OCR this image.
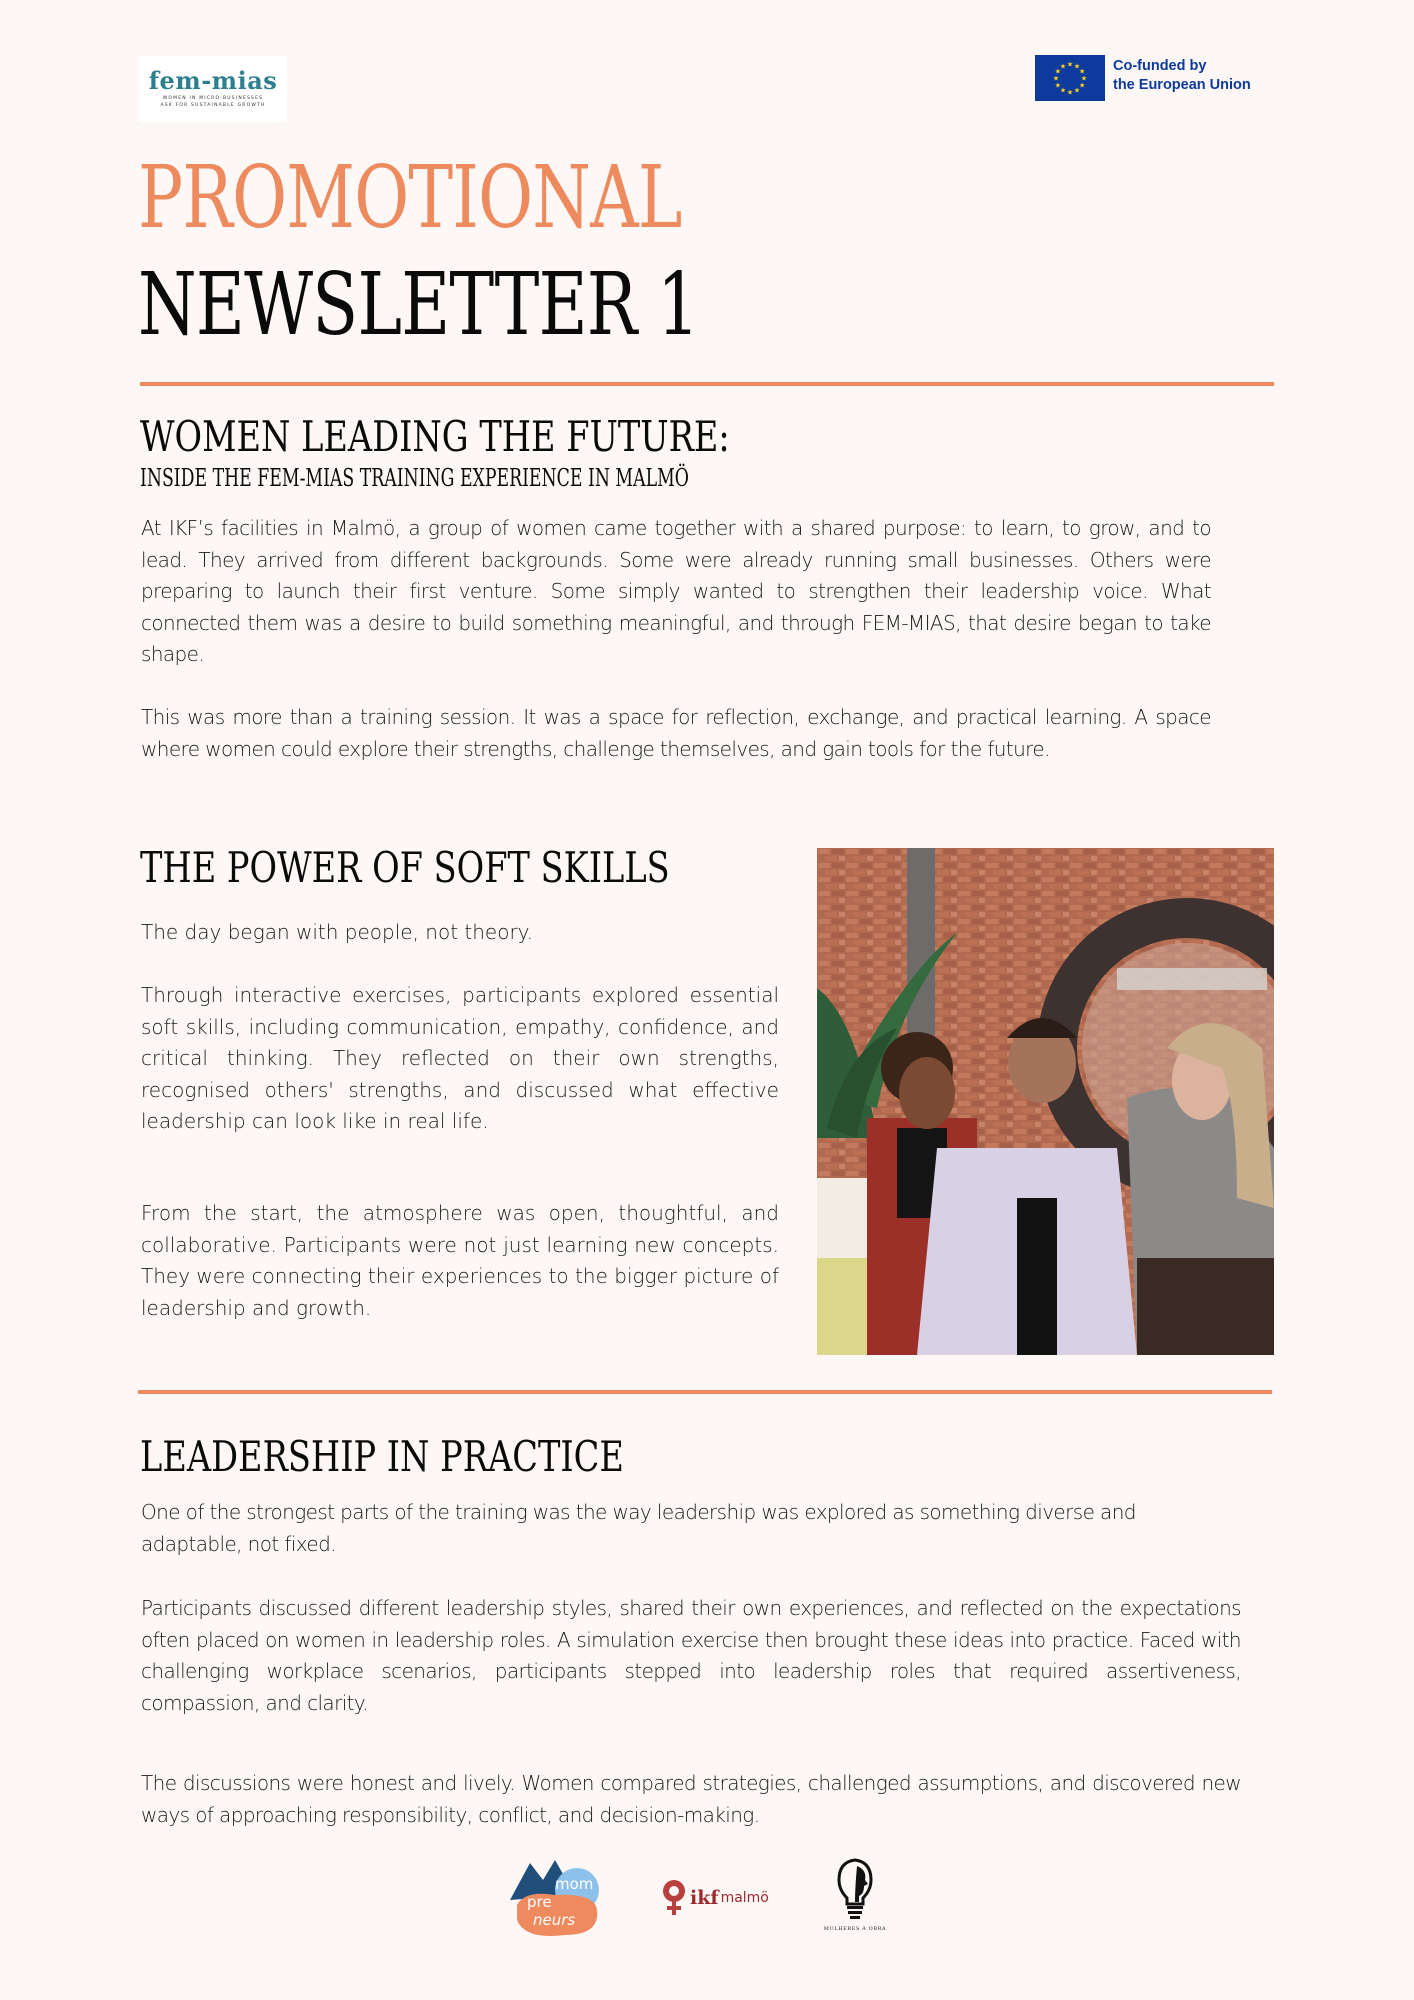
fem-mias
WOMEN IN MICRO-BUSINESSES
ASK FOR SUSTAINABLE GROWTH
★ ★
★
★
★
★
★
★
★
★
★
★	Co-funded by
the European Union
PROMOTIONAL
NEWSLETTER 1
WOMEN LEADING THE FUTURE:
INSIDE THE FEM-MIAS TRAINING EXPERIENCE IN MALMÖ
At IKF’s facilities in Malmö, a group of women came together with a shared purpose: to learn, to grow, and to lead. They arrived from different backgrounds. Some were already running small businesses. Others were preparing to launch their first venture. Some simply wanted to strengthen their leadership voice. What connected them was a desire to build something meaningful, and through FEM-MIAS, that desire began to take shape.
This was more than a training session. It was a space for reflection, exchange, and practical learning. A space where women could explore their strengths, challenge themselves, and gain tools for the future.
THE POWER OF SOFT SKILLS
The day began with people, not theory.
Through interactive exercises, participants explored essential soft skills, including communication, empathy, confidence, and critical thinking. They reflected on their own strengths, recognised others' strengths, and discussed what effective leadership can look like in real life.
From the start, the atmosphere was open, thoughtful, and collaborative. Participants were not just learning new concepts. They were connecting their experiences to the bigger picture of leadership and growth.
LEADERSHIP IN PRACTICE
One of the strongest parts of the training was the way leadership was explored as something diverse and adaptable, not fixed.
Participants discussed different leadership styles, shared their own experiences, and reflected on the expectations often placed on women in leadership roles. A simulation exercise then brought these ideas into practice. Faced with challenging workplace scenarios, participants stepped into leadership roles that required assertiveness, compassion, and clarity.
The discussions were honest and lively. Women compared strategies, challenged assumptions, and discovered new ways of approaching responsibility, conflict, and decision-making.
mom
pre
neurs
ikf malmö
MULHERES À OBRA
